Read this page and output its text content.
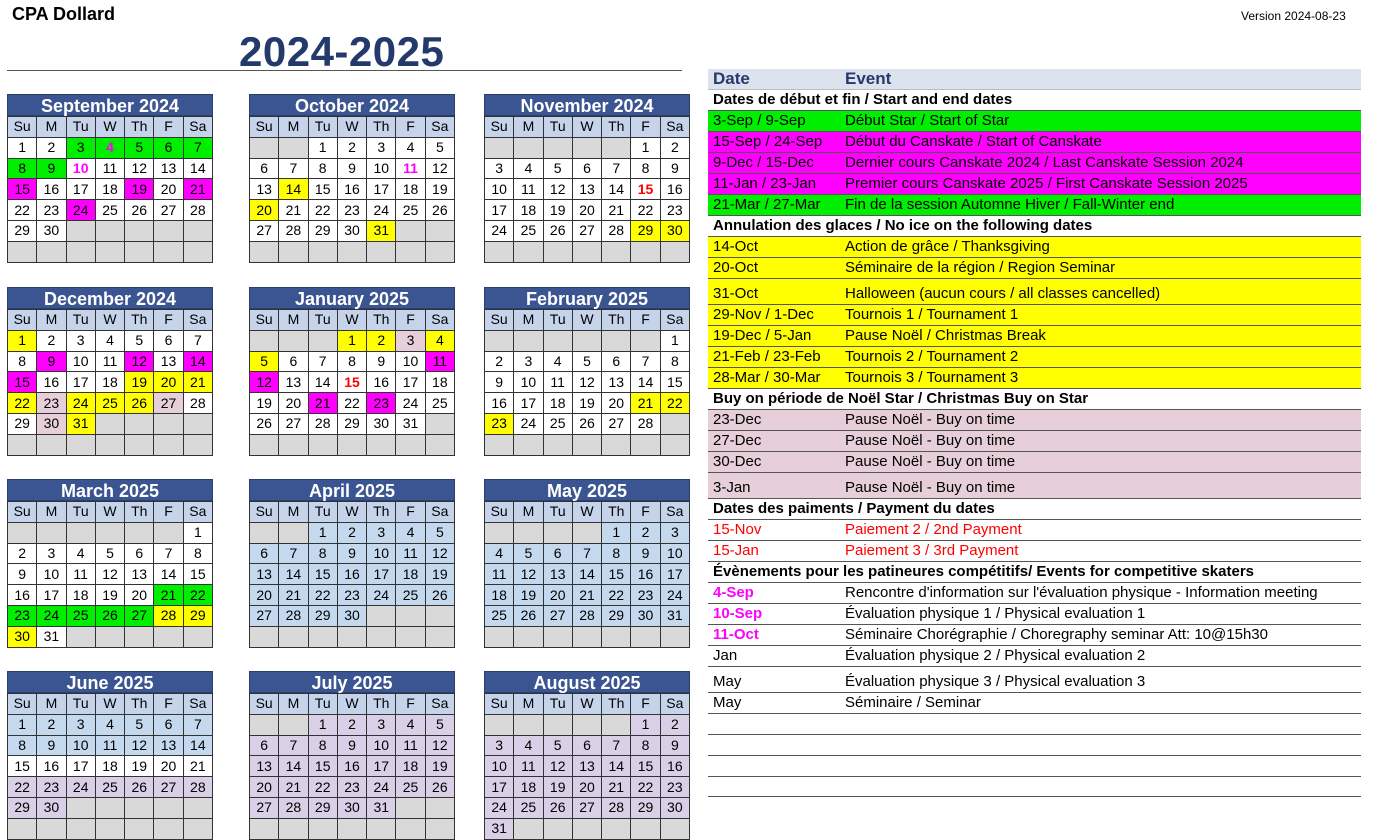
CPA Dollard	Version 2024-08-23
2024-2025
September 2024
Su	M	Tu	W	Th	F	Sa
1	2	3	4	5	6	7
8	9	10	11	12	13	14
15	16	17	18	19	20	21
22	23	24	25	26	27	28
29	30					

October 2024
Su	M	Tu	W	Th	F	Sa
		1	2	3	4	5
6	7	8	9	10	11	12
13	14	15	16	17	18	19
20	21	22	23	24	25	26
27	28	29	30	31		

November 2024
Su	M	Tu	W	Th	F	Sa
					1	2
3	4	5	6	7	8	9
10	11	12	13	14	15	16
17	18	19	20	21	22	23
24	25	26	27	28	29	30

December 2024
Su	M	Tu	W	Th	F	Sa
1	2	3	4	5	6	7
8	9	10	11	12	13	14
15	16	17	18	19	20	21
22	23	24	25	26	27	28
29	30	31				

January 2025
Su	M	Tu	W	Th	F	Sa
			1	2	3	4
5	6	7	8	9	10	11
12	13	14	15	16	17	18
19	20	21	22	23	24	25
26	27	28	29	30	31	

February 2025
Su	M	Tu	W	Th	F	Sa
						1
2	3	4	5	6	7	8
9	10	11	12	13	14	15
16	17	18	19	20	21	22
23	24	25	26	27	28	

March 2025
Su	M	Tu	W	Th	F	Sa
						1
2	3	4	5	6	7	8
9	10	11	12	13	14	15
16	17	18	19	20	21	22
23	24	25	26	27	28	29
30	31					
April 2025
Su	M	Tu	W	Th	F	Sa
		1	2	3	4	5
6	7	8	9	10	11	12
13	14	15	16	17	18	19
20	21	22	23	24	25	26
27	28	29	30			

May 2025
Su	M	Tu	W	Th	F	Sa
				1	2	3
4	5	6	7	8	9	10
11	12	13	14	15	16	17
18	19	20	21	22	23	24
25	26	27	28	29	30	31

June 2025
Su	M	Tu	W	Th	F	Sa
1	2	3	4	5	6	7
8	9	10	11	12	13	14
15	16	17	18	19	20	21
22	23	24	25	26	27	28
29	30					

July 2025
Su	M	Tu	W	Th	F	Sa
		1	2	3	4	5
6	7	8	9	10	11	12
13	14	15	16	17	18	19
20	21	22	23	24	25	26
27	28	29	30	31		

August 2025
Su	M	Tu	W	Th	F	Sa
					1	2
3	4	5	6	7	8	9
10	11	12	13	14	15	16
17	18	19	20	21	22	23
24	25	26	27	28	29	30
31						
Date	Event
Dates de début et fin / Start and end dates	
3-Sep / 9-Sep	Début Star / Start of Star
15-Sep / 24-Sep	Début du Canskate / Start of Canskate
9-Dec / 15-Dec	Dernier cours Canskate 2024 / Last Canskate Session 2024
11-Jan / 23-Jan	Premier cours Canskate 2025 / First Canskate Session 2025
21-Mar / 27-Mar	Fin de la session Automne Hiver / Fall-Winter end
Annulation des glaces / No ice on the following dates	
14-Oct	Action de grâce / Thanksgiving
20-Oct	Séminaire de la région / Region Seminar
31-Oct	Halloween (aucun cours / all classes cancelled)
29-Nov / 1-Dec	Tournois 1 / Tournament 1
19-Dec / 5-Jan	Pause Noël / Christmas Break
21-Feb / 23-Feb	Tournois 2 / Tournament 2
28-Mar / 30-Mar	Tournois 3 / Tournament 3
Buy on période de Noël Star / Christmas Buy on Star	
23-Dec	Pause Noël - Buy on time
27-Dec	Pause Noël - Buy on time
30-Dec	Pause Noël - Buy on time
3-Jan	Pause Noël - Buy on time
Dates des paiments / Payment du dates	
15-Nov	Paiement 2 / 2nd Payment
15-Jan	Paiement 3 / 3rd Payment
Évènements pour les patineures compétitifs/ Events for competitive skaters	
4-Sep	Rencontre d'information sur l'évaluation physique - Information meeting
10-Sep	Évaluation physique 1 / Physical evaluation 1
11-Oct	Séminaire Chorégraphie / Choregraphy seminar Att: 10@15h30
Jan	Évaluation physique 2 / Physical evaluation 2
May	Évaluation physique 3 / Physical evaluation 3
May	Séminaire / Seminar
